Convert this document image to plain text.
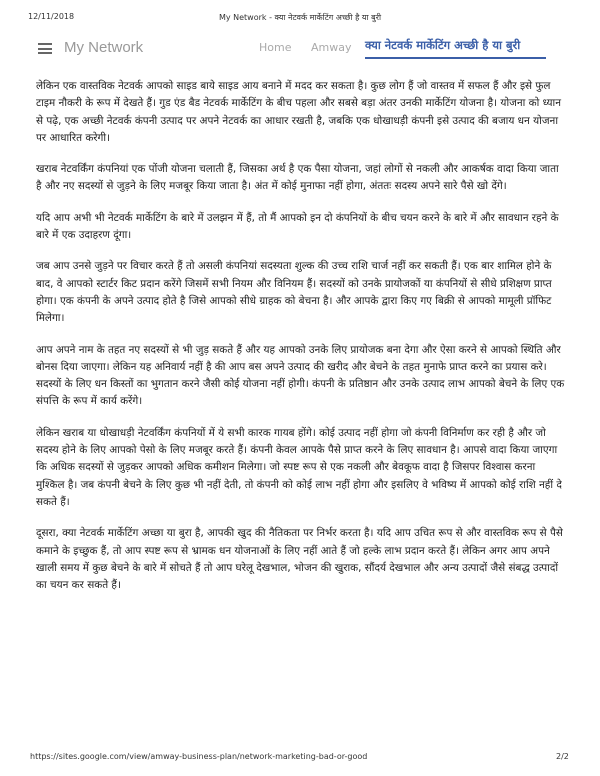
12/11/2018	My Network - क्या नेटवर्क मार्केटिंग अच्छी है या बुरी
My Network	Home Amway क्या नेटवर्क मार्केटिंग अच्छी है या बुरी

लेकिन एक वास्तविक नेटवर्क आपको साइड बाये साइड आय बनाने में मदद कर सकता है। कुछ लोग हैं जो वास्तव में सफल हैं और इसे फुल टाइम नौकरी के रूप में देखते हैं। गुड एंड बैड नेटवर्क मार्केटिंग के बीच पहला और सबसे बड़ा अंतर उनकी मार्केटिंग योजना है। योजना को ध्यान से पढ़े, एक अच्छी नेटवर्क कंपनी उत्पाद पर अपने नेटवर्क का आधार रखती है, जबकि एक धोखाधड़ी कंपनी इसे उत्पाद की बजाय धन योजना पर आधारित करेगी।

खराब नेटवर्किंग कंपनियां एक पोंजी योजना चलाती हैं, जिसका अर्थ है एक पैसा योजना, जहां लोगों से नकली और आकर्षक वादा किया जाता है और नए सदस्यों से जुड़ने के लिए मजबूर किया जाता है। अंत में कोई मुनाफा नहीं होगा, अंततः सदस्य अपने सारे पैसे खो देंगे।

यदि आप अभी भी नेटवर्क मार्केटिंग के बारे में उलझन में हैं, तो मैं आपको इन दो कंपनियों के बीच चयन करने के बारे में और सावधान रहने के बारे में एक उदाहरण दूंगा।

जब आप उनसे जुड़ने पर विचार करते हैं तो असली कंपनियां सदस्यता शुल्क की उच्च राशि चार्ज नहीं कर सकती हैं। एक बार शामिल होने के बाद, वे आपको स्टार्टर किट प्रदान करेंगे जिसमें सभी नियम और विनियम हैं। सदस्यों को उनके प्रायोजकों या कंपनियों से सीधे प्रशिक्षण प्राप्त होगा। एक कंपनी के अपने उत्पाद होते है जिसे आपको सीधे ग्राहक को बेचना है। और आपके द्वारा किए गए बिक्री से आपको मामूली प्रॉफिट मिलेगा।

आप अपने नाम के तहत नए सदस्यों से भी जुड़ सकते हैं और यह आपको उनके लिए प्रायोजक बना देगा और ऐसा करने से आपको स्थिति और बोनस दिया जाएगा। लेकिन यह अनिवार्य नहीं है की आप बस अपने उत्पाद की खरीद और बेचने के तहत मुनाफे प्राप्त करने का प्रयास करे। सदस्यों के लिए धन किस्तों का भुगतान करने जैसी कोई योजना नहीं होगी। कंपनी के प्रतिष्ठान और उनके उत्पाद लाभ आपको बेचने के लिए एक संपत्ति के रूप में कार्य करेंगे।

लेकिन खराब या धोखाधड़ी नेटवर्किंग कंपनियों में ये सभी कारक गायब होंगे। कोई उत्पाद नहीं होगा जो कंपनी विनिर्माण कर रही है और जो सदस्य होने के लिए आपको पेसो के लिए मजबूर करते हैं। कंपनी केवल आपके पैसे प्राप्त करने के लिए सावधान है। आपसे वादा किया जाएगा कि अधिक सदस्यों से जुड़कर आपको अधिक कमीशन मिलेगा। जो स्पष्ट रूप से एक नकली और बेवकूफ वादा है जिसपर विश्वास करना मुश्किल है। जब कंपनी बेचने के लिए कुछ भी नहीं देती, तो कंपनी को कोई लाभ नहीं होगा और इसलिए वे भविष्य में आपको कोई राशि नहीं दे सकते हैं।

दूसरा, क्या नेटवर्क मार्केटिंग अच्छा या बुरा है, आपकी खुद की नैतिकता पर निर्भर करता है। यदि आप उचित रूप से और वास्तविक रूप से पैसे कमाने के इच्छुक हैं, तो आप स्पष्ट रूप से भ्रामक धन योजनाओं के लिए नहीं आते हैं जो हल्के लाभ प्रदान करते हैं। लेकिन अगर आप अपने खाली समय में कुछ बेचने के बारे में सोचते हैं तो आप घरेलू देखभाल, भोजन की खुराक, सौंदर्य देखभाल और अन्य उत्पादों जैसे संबद्ध उत्पादों का चयन कर सकते हैं।

https://sites.google.com/view/amway-business-plan/network-marketing-bad-or-good	2/2
